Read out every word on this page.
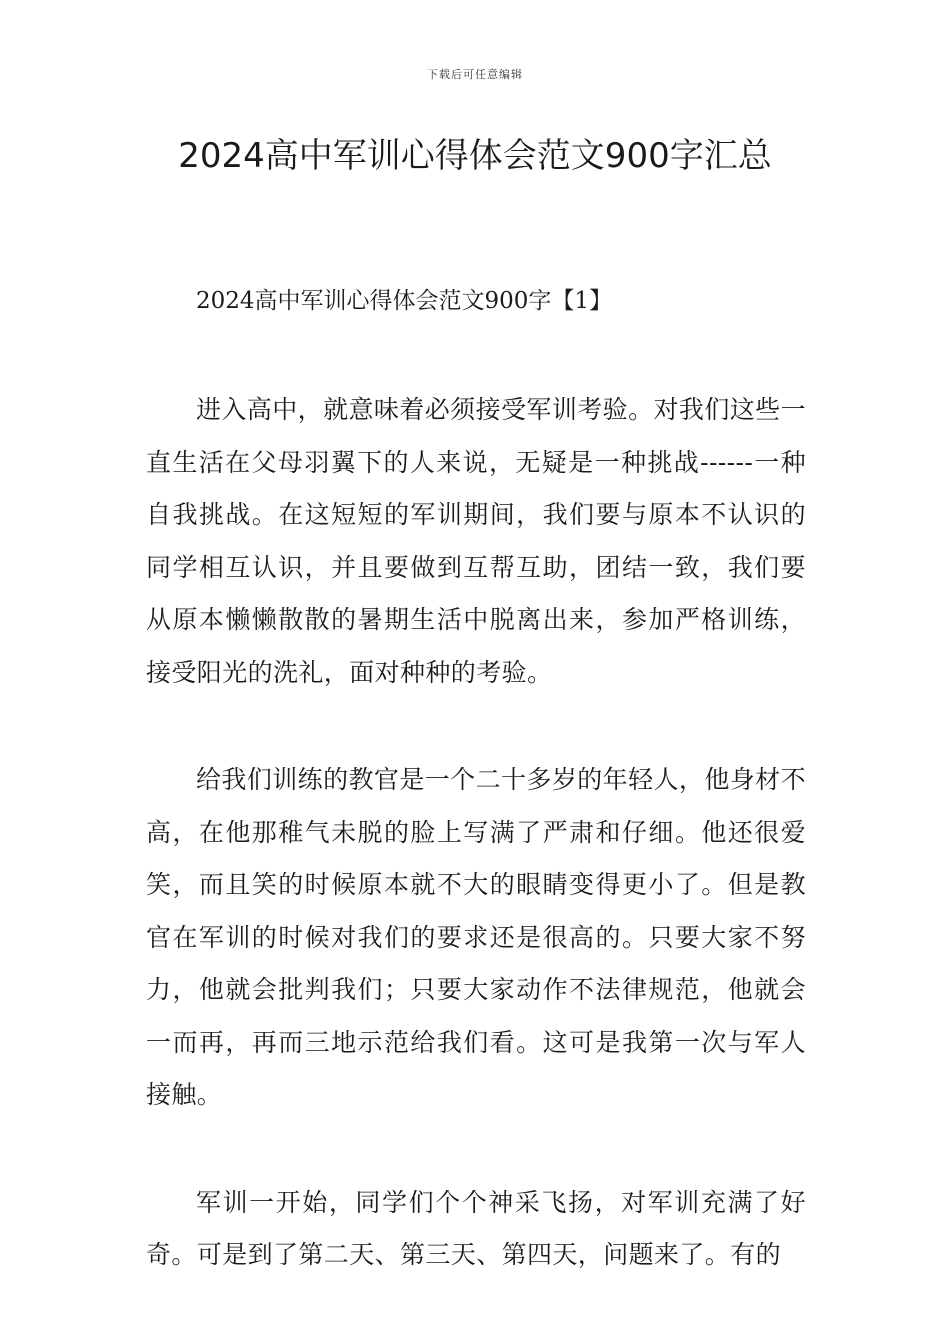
下载后可任意编辑
2024高中军训心得体会范文900字汇总

2024高中军训心得体会范文900字【1】

进入高中，就意味着必须接受军训考验。对我们这些一直生活在父母羽翼下的人来说，无疑是一种挑战------一种自我挑战。在这短短的军训期间，我们要与原本不认识的同学相互认识，并且要做到互帮互助，团结一致，我们要从原本懒懒散散的暑期生活中脱离出来，参加严格训练，接受阳光的洗礼，面对种种的考验。

给我们训练的教官是一个二十多岁的年轻人，他身材不高，在他那稚气未脱的脸上写满了严肃和仔细。他还很爱笑，而且笑的时候原本就不大的眼睛变得更小了。但是教官在军训的时候对我们的要求还是很高的。只要大家不努力，他就会批判我们；只要大家动作不法律规范，他就会一而再，再而三地示范给我们看。这可是我第一次与军人接触。

军训一开始，同学们个个神采飞扬，对军训充满了好奇。可是到了第二天、第三天、第四天，问题来了。有的
